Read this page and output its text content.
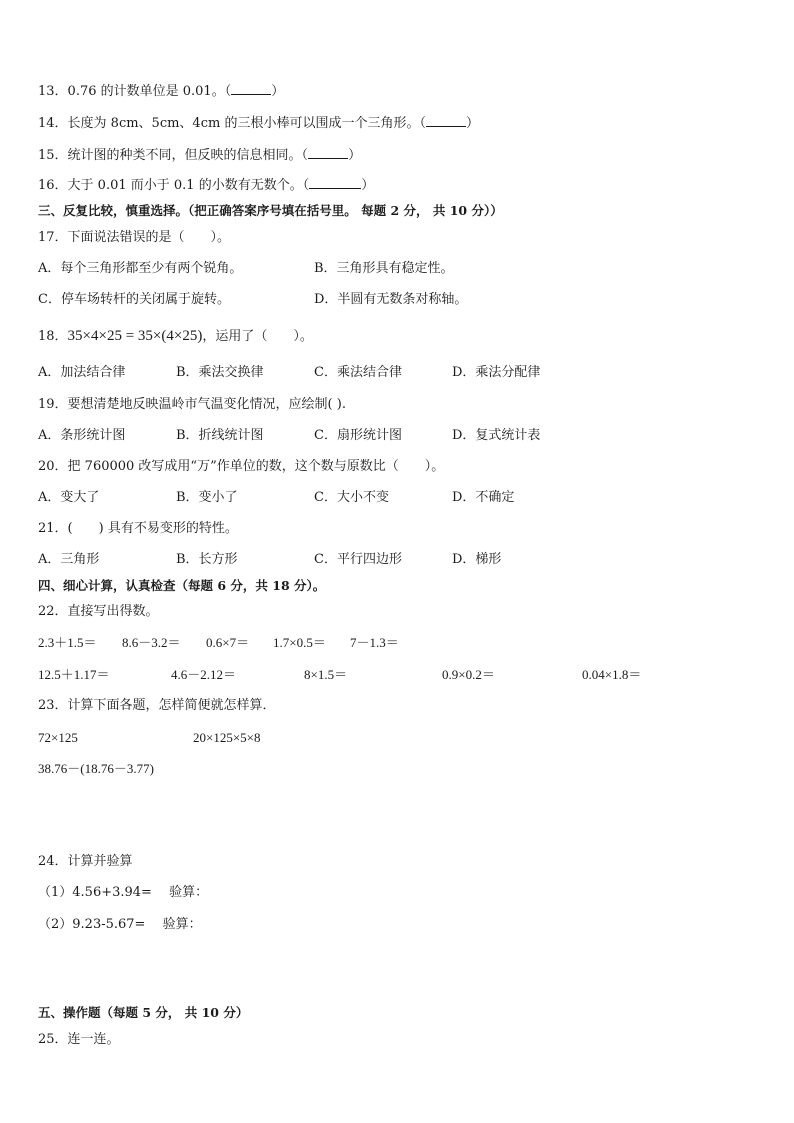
13．0.76 的计数单位是 0.01。（	）
14．长度为 8cm、5cm、4cm 的三根小棒可以围成一个三角形。（	）
15．统计图的种类不同，但反映的信息相同。（	）
16．大于 0.01 而小于 0.1 的小数有无数个。（	）
三、反复比较，慎重选择。（把正确答案序号填在括号里。 每题 2 分， 共 10 分））
17．下面说法错误的是（　　）。
A．每个三角形都至少有两个锐角。	B．三角形具有稳定性。
C．停车场转杆的关闭属于旋转。	D．半圆有无数条对称轴。
18．35×4×25 = 35×(4×25)，运用了（　　）。
A．加法结合律	B．乘法交换律	C．乘法结合律	D．乘法分配律
19．要想清楚地反映温岭市气温变化情况，应绘制( ).
A．条形统计图	B．折线统计图	C．扇形统计图	D．复式统计表
20．把 760000 改写成用“万”作单位的数，这个数与原数比（　　）。
A．变大了	B．变小了	C．大小不变	D．不确定
21．(　　) 具有不易变形的特性。
A．三角形	B．长方形	C．平行四边形	D．梯形
四、细心计算，认真检查（每题 6 分，共 18 分）。
22．直接写出得数。
2.3＋1.5＝ 8.6－3.2＝ 0.6×7＝ 1.7×0.5＝ 7－1.3＝
12.5＋1.17＝	4.6－2.12＝	8×1.5＝	0.9×0.2＝	0.04×1.8＝
23．计算下面各题，怎样简便就怎样算．
72×125	20×125×5×8
38.76－(18.76－3.77)
24．计算并验算
（1）4.56+3.94=　 验算：
（2）9.23-5.67=　 验算：
五、操作题（每题 5 分， 共 10 分）
25．连一连。
